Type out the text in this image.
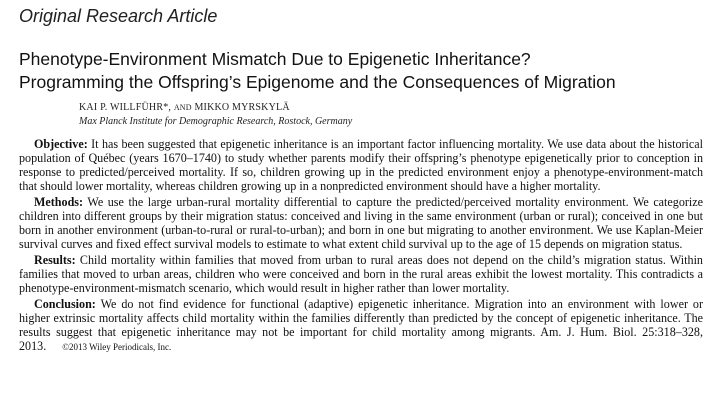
Original Research Article
Phenotype-Environment Mismatch Due to Epigenetic Inheritance?
Programming the Offspring’s Epigenome and the Consequences of Migration
KAI P. WILLFÜHR*, AND MIKKO MYRSKYLÄ
Max Planck Institute for Demographic Research, Rostock, Germany

Objective: It has been suggested that epigenetic inheritance is an important factor influencing mortality. We use data about the historical population of Québec (years 1670–1740) to study whether parents modify their offspring’s phenotype epigenetically prior to conception in response to predicted/perceived mortality. If so, children growing up in the predicted environment enjoy a phenotype-environment-match that should lower mortality, whereas children growing up in a nonpredicted environment should have a higher mortality.

Methods: We use the large urban-rural mortality differential to capture the predicted/perceived mortality environment. We categorize children into different groups by their migration status: conceived and living in the same environment (urban or rural); conceived in one but born in another environment (urban-to-rural or rural-to-urban); and born in one but migrating to another environment. We use Kaplan-Meier survival curves and fixed effect survival models to estimate to what extent child survival up to the age of 15 depends on migration status.

Results: Child mortality within families that moved from urban to rural areas does not depend on the child’s migration status. Within families that moved to urban areas, children who were conceived and born in the rural areas exhibit the lowest mortality. This contradicts a phenotype-environment-mismatch scenario, which would result in higher rather than lower mortality.

Conclusion: We do not find evidence for functional (adaptive) epigenetic inheritance. Migration into an environment with lower or higher extrinsic mortality affects child mortality within the families differently than predicted by the concept of epigenetic inheritance. The results suggest that epigenetic inheritance may not be important for child mortality among migrants. Am. J. Hum. Biol. 25:318–328, 2013. ©2013 Wiley Periodicals, Inc.
